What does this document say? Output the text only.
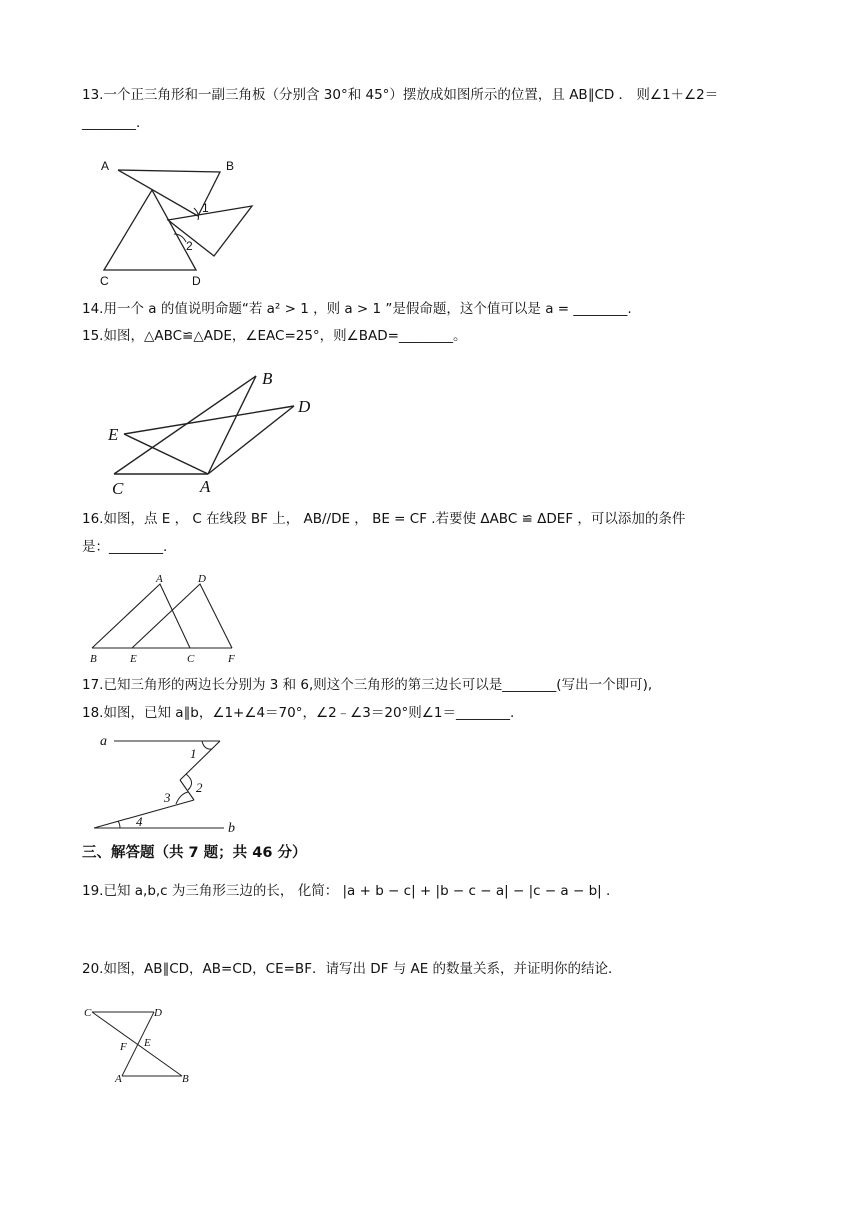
13.一个正三角形和一副三角板（分别含 30°和 45°）摆放成如图所示的位置，且 AB∥CD ． 则∠1＋∠2＝
________.
A	B
C	D
1
2
14.用一个 a 的值说明命题“若 a² > 1 ，则 a > 1 ”是假命题，这个值可以是 a = ________.
15.如图，△ABC≌△ADE，∠EAC=25°，则∠BAD=________。
B
D
E
C	A
16.如图，点 E ， C 在线段 BF 上， AB//DE ， BE = CF .若要使 ΔABC ≌ ΔDEF ，可以添加的条件
是：________.
A	D
B	E	C	F
17.已知三角形的两边长分别为 3 和 6,则这个三角形的第三边长可以是________(写出一个即可),
18.如图，已知 a∥b，∠1+∠4＝70°，∠2﹣∠3＝20°则∠1＝________.
a
b
1
2
3
4
三、解答题（共 7 题；共 46 分）
19.已知 a,b,c 为三角形三边的长， 化简： |a + b − c| + |b − c − a| − |c − a − b| .
20.如图，AB∥CD，AB=CD，CE=BF．请写出 DF 与 AE 的数量关系，并证明你的结论．
C	D
F E
A	B
